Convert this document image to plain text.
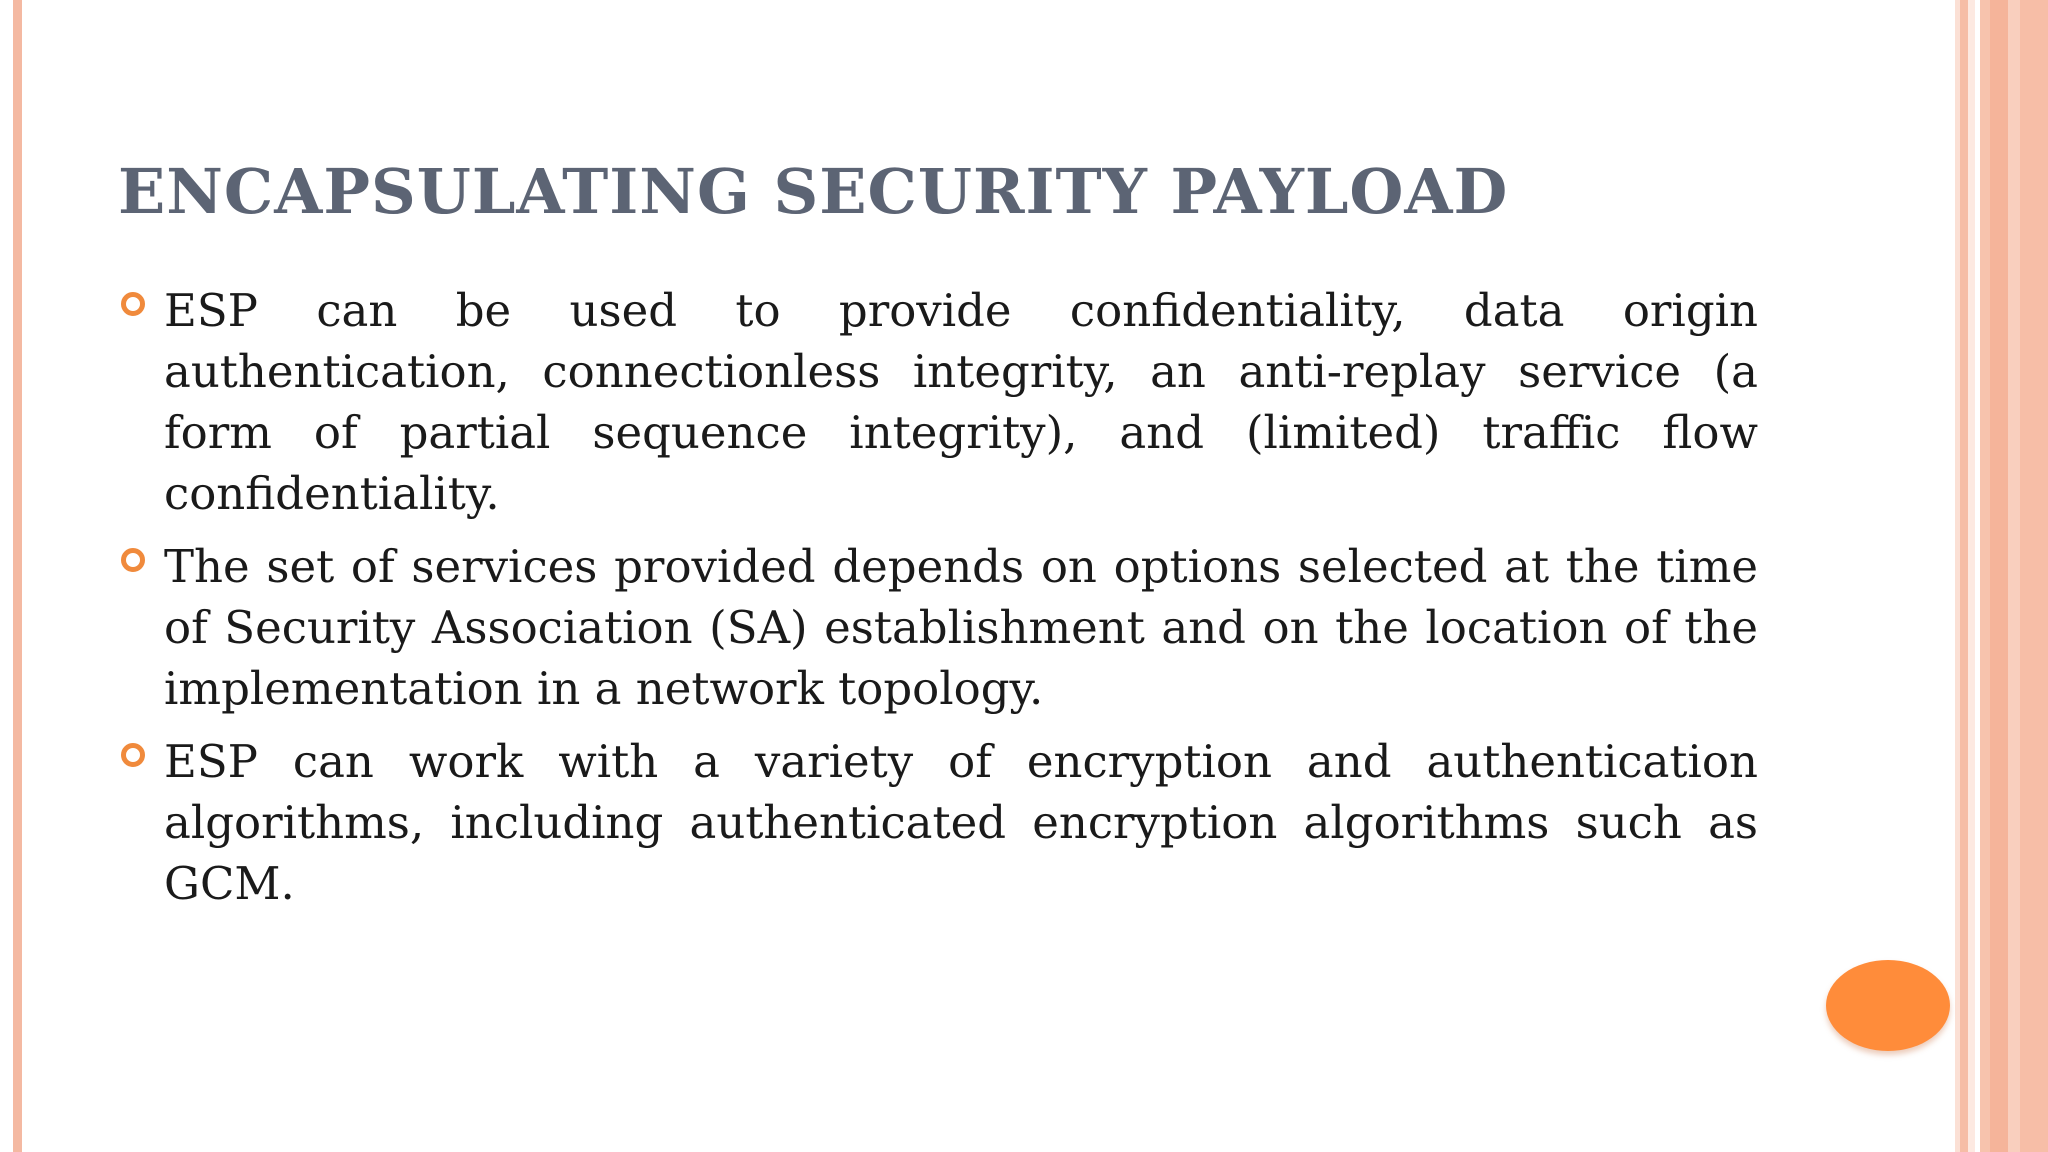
ENCAPSULATING SECURITY PAYLOAD
ESP can be used to provide confidentiality, data origin authentication, connectionless integrity, an anti-replay service (a form of partial sequence integrity), and (limited) traffic flow confidentiality.
The set of services provided depends on options selected at the time of Security Association (SA) establishment and on the location of the implementation in a network topology.
ESP can work with a variety of encryption and authentication algorithms, including authenticated encryption algorithms such as GCM.
